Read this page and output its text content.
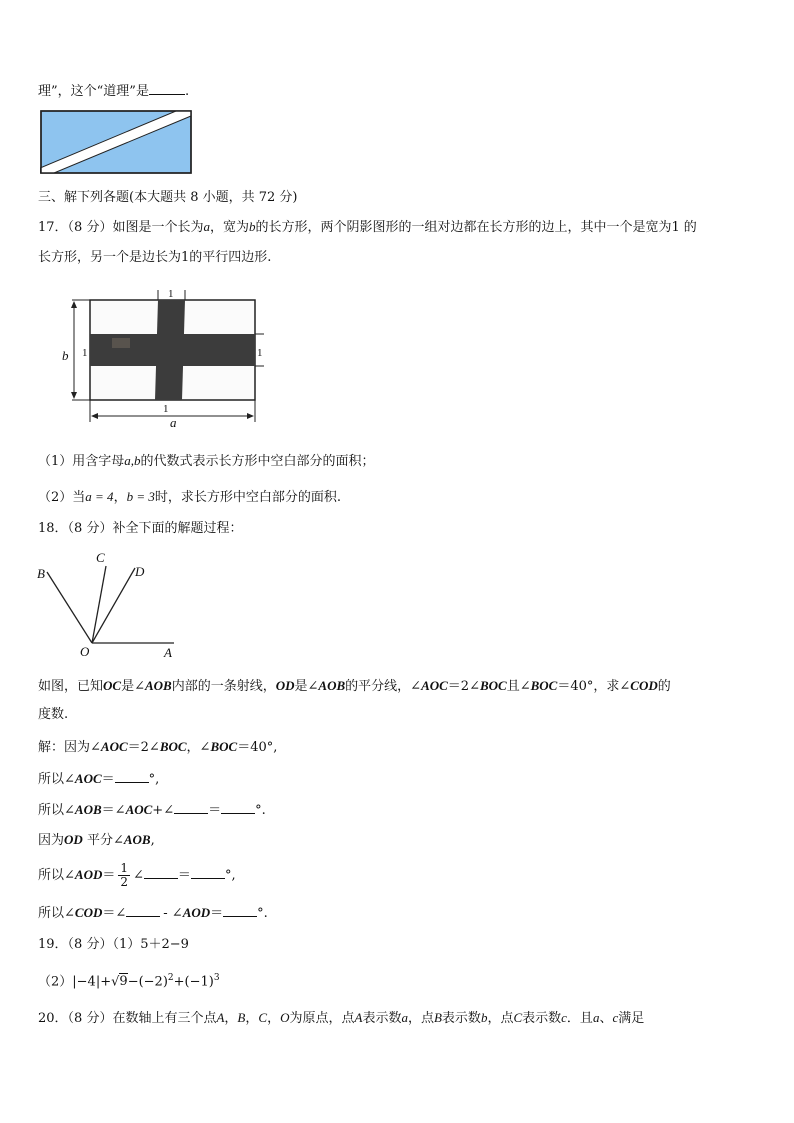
理”，这个“道理”是	.
三、解下列各题(本大题共 8 小题，共 72 分)
17．（8 分）如图是一个长为a，宽为b的长方形，两个阴影图形的一组对边都在长方形的边上，其中一个是宽为1 的
长方形，另一个是边长为1的平行四边形.
b
a
1	1
1
1
（1）用含字母a,b的代数式表示长方形中空白部分的面积；
（2）当a = 4，b = 3时，求长方形中空白部分的面积.
18．（8 分）补全下面的解题过程：
B
C
D
O	A
如图，已知OC是∠AOB内部的一条射线，OD是∠AOB的平分线，∠AOC＝2∠BOC且∠BOC＝40°，求∠COD的
度数.
解：因为∠AOC＝2∠BOC，∠BOC＝40°,
所以∠AOC＝	°,
所以∠AOB＝∠AOC+∠	＝	°.
因为OD 平分∠AOB,
所以∠AOD＝ $\frac{1}{2}$ ∠	＝	°,
所以∠COD＝∠	- ∠AOD＝	°.
19．（8 分）（1）5＋2−9
$(2)|-4|+√9-(-2)^2+(-1)^3$
20．（8 分）在数轴上有三个点A，B，C，O为原点，点A表示数a，点B表示数b，点C表示数c．且a、c满足
